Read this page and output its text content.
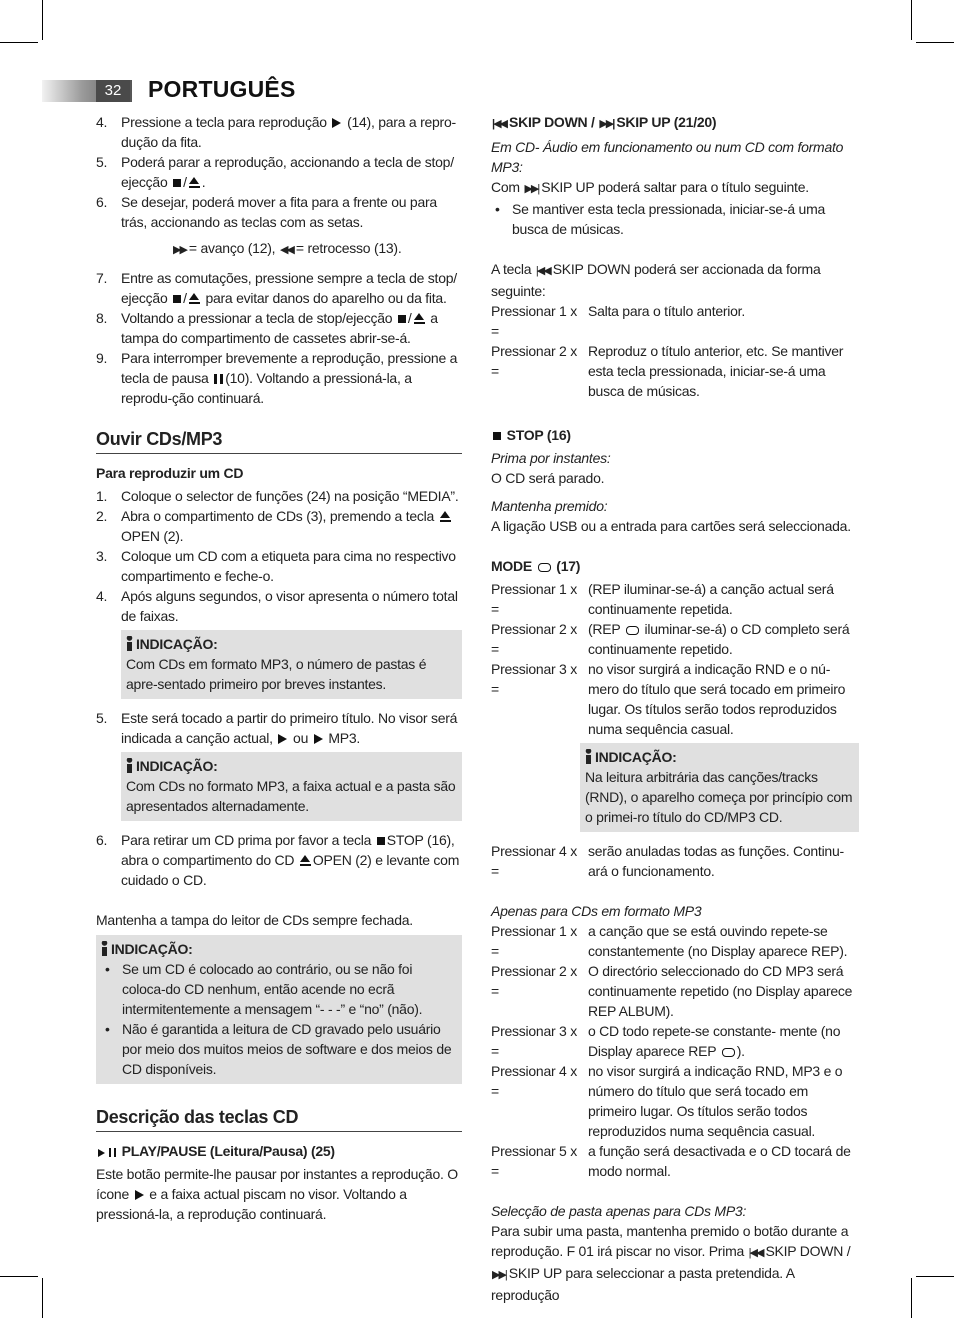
32	PORTUGUÊS
4. Pressione a tecla para reprodução (14), para a repro-dução da fita.
5. Poderá parar a reprodução, accionando a tecla de stop/ ejecção / .
6. Se desejar, poderá mover a fita para a frente ou para trás, accionando as teclas com as setas.
▶▶ = avanço (12), ◀◀ = retrocesso (13).
7. Entre as comutações, pressione sempre a tecla de stop/ ejecção / para evitar danos do aparelho ou da fita.
8. Voltando a pressionar a tecla de stop/ejecção / a tampa do compartimento de cassetes abrir-se-á.
9. Para interromper brevemente a reprodução, pressione a tecla de pausa (10). Voltando a pressioná-la, a reprodu-ção continuará.
Ouvir CDs/MP3
Para reproduzir um CD
1. Coloque o selector de funções (24) na posição “MEDIA”.
2. Abra o compartimento de CDs (3), premendo a tecla OPEN (2).
3. Coloque um CD com a etiqueta para cima no respectivo compartimento e feche-o.
4. Após alguns segundos, o visor apresenta o número total de faixas.
INDICAÇÃO:
Com CDs em formato MP3, o número de pastas é apre-sentado primeiro por breves instantes.
5. Este será tocado a partir do primeiro título. No visor será indicada a canção actual, ou MP3.
INDICAÇÃO:
Com CDs no formato MP3, a faixa actual e a pasta são apresentados alternadamente.
6. Para retirar um CD prima por favor a tecla STOP (16), abra o compartimento do CD OPEN (2) e levante com cuidado o CD.
Mantenha a tampa do leitor de CDs sempre fechada.
INDICAÇÃO:
• Se um CD é colocado ao contrário, ou se não foi coloca-do CD nenhum, então acende no ecrã intermitentemente a mensagem “- - -” e “no” (não).
• Não é garantida a leitura de CD gravado pelo usuário por meio dos muitos meios de software e dos meios de CD disponíveis.
Descrição das teclas CD
PLAY/PAUSE (Leitura/Pausa) (25)
Este botão permite-lhe pausar por instantes a reprodução. O ícone e a faixa actual piscam no visor. Voltando a pressioná-la, a reprodução continuará.
|◀◀ SKIP DOWN / ▶▶| SKIP UP (21/20)
Em CD- Áudio em funcionamento ou num CD com formato MP3:
Com ▶▶| SKIP UP poderá saltar para o título seguinte.
• Se mantiver esta tecla pressionada, iniciar-se-á uma busca de músicas.
A tecla |◀◀ SKIP DOWN poderá ser accionada da forma seguinte:
Pressionar 1 x =
Salta para o título anterior.
Pressionar 2 x =
Reproduz o título anterior, etc. Se mantiver esta tecla pressionada, iniciar-se-á uma busca de músicas.
STOP (16)
Prima por instantes:
O CD será parado.
Mantenha premido:
A ligação USB ou a entrada para cartões será seleccionada.
MODE (17)
Pressionar 1 x =
(REP iluminar-se-á) a canção actual será continuamente repetida.
Pressionar 2 x =
(REP iluminar-se-á) o CD completo será continuamente repetido.
Pressionar 3 x =
no visor surgirá a indicação RND e o nú-mero do título que será tocado em primeiro lugar. Os títulos serão todos reproduzidos numa sequência casual.
INDICAÇÃO:
Na leitura arbitrária das canções/tracks (RND), o aparelho começa por princípio com o primei-ro título do CD/MP3 CD.
Pressionar 4 x =
serão anuladas todas as funções. Continu-ará o funcionamento.
Apenas para CDs em formato MP3
Pressionar 1 x =
a canção que se está ouvindo repete-se constantemente (no Display aparece REP).
Pressionar 2 x =
O directório seleccionado do CD MP3 será continuamente repetido (no Display aparece REP ALBUM).
Pressionar 3 x =
o CD todo repete-se constante- mente (no Display aparece REP ).
Pressionar 4 x =
no visor surgirá a indicação RND, MP3 e o número do título que será tocado em primeiro lugar. Os títulos serão todos reproduzidos numa sequência casual.
Pressionar 5 x =
a função será desactivada e o CD tocará de modo normal.
Selecção de pasta apenas para CDs MP3:
Para subir uma pasta, mantenha premido o botão durante a reprodução. F 01 irá piscar no visor. Prima |◀◀ SKIP DOWN / ▶▶| SKIP UP para seleccionar a pasta pretendida. A reprodução
